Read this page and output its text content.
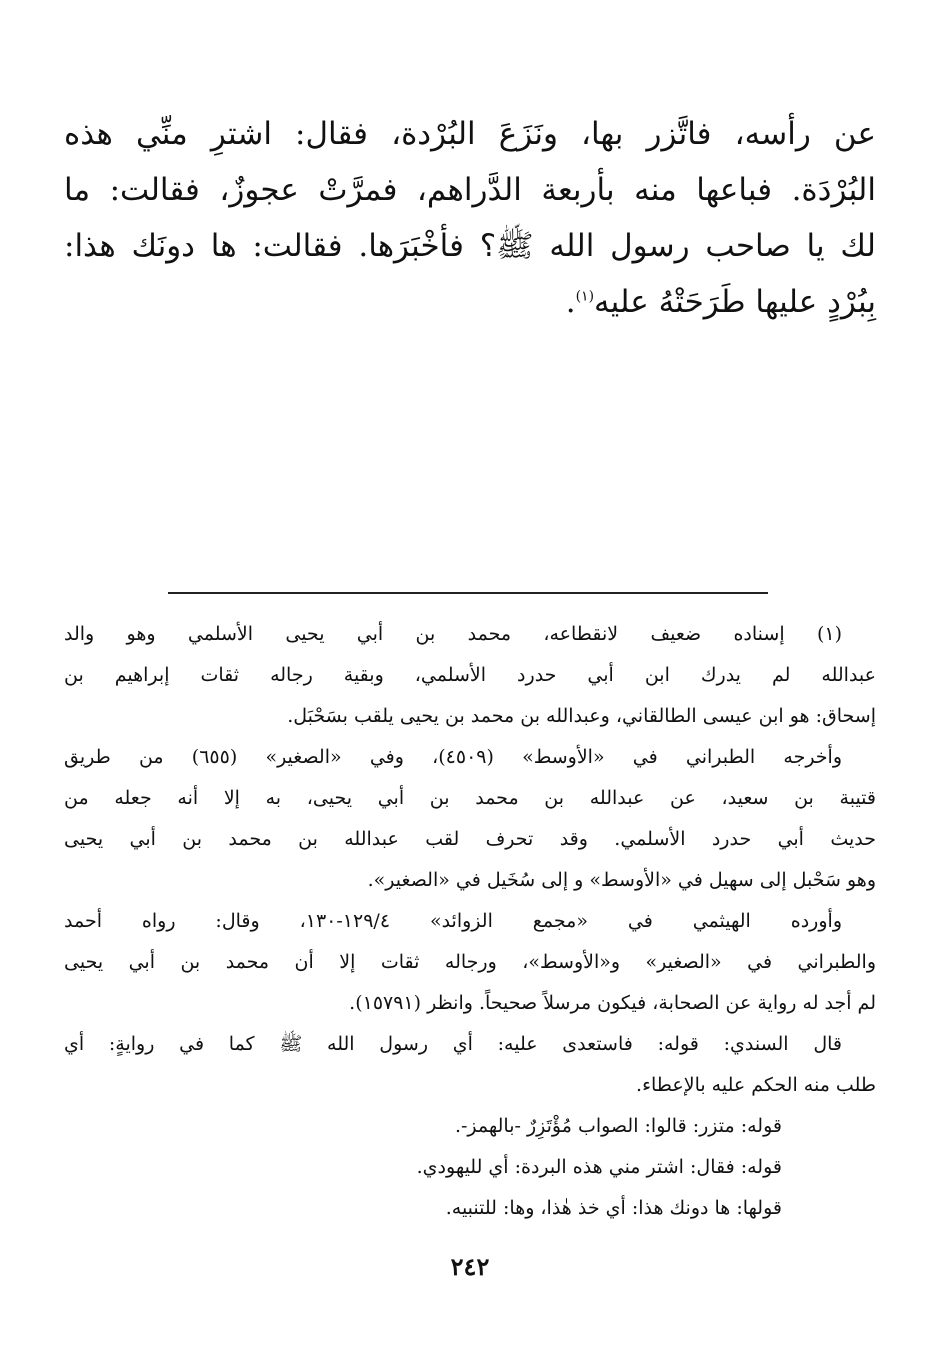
عن رأسه، فاتَّزر بها، ونَزَعَ البُرْدة، فقال: اشترِ منِّي هذه
البُرْدَة. فباعها منه بأربعة الدَّراهم، فمرَّتْ عجوزٌ، فقالت: ما
لك يا صاحب رسول الله ﷺ؟ فأخْبَرَها. فقالت: ها دونَك هذا:
بِبُرْدٍ عليها طَرَحَتْهُ عليه$^{(١)}$.
(١) إسناده ضعيف لانقطاعه، محمد بن أبي يحيى الأسلمي وهو والد
عبدالله لم يدرك ابن أبي حدرد الأسلمي، وبقية رجاله ثقات إبراهيم بن
إسحاق: هو ابن عيسى الطالقاني، وعبدالله بن محمد بن يحيى يلقب بسَحْبَل.
وأخرجه الطبراني في «الأوسط» (٤٥٠٩)، وفي «الصغير» (٦٥٥) من طريق
قتيبة بن سعيد، عن عبدالله بن محمد بن أبي يحيى، به إلا أنه جعله من
حديث أبي حدرد الأسلمي. وقد تحرف لقب عبدالله بن محمد بن أبي يحيى
وهو سَحْبل إلى سهيل في «الأوسط» و إلى سُخَيل في «الصغير».
وأورده الهيثمي في «مجمع الزوائد» ١٢٩/٤-١٣٠، وقال: رواه أحمد
والطبراني في «الصغير» و«الأوسط»، ورجاله ثقات إلا أن محمد بن أبي يحيى
لم أجد له رواية عن الصحابة، فيكون مرسلاً صحيحاً. وانظر (١٥٧٩١).
قال السندي: قوله: فاستعدى عليه: أي رسول الله ﷺ كما في روايةٍ: أي
طلب منه الحكم عليه بالإعطاء.
قوله: متزر: قالوا: الصواب مُؤْتَزِرٌ -بالهمز-.
قوله: فقال: اشتر مني هذه البردة: أي لليهودي.
قولها: ها دونك هذا: أي خذ هٰذا، وها: للتنبيه.
٢٤٢
